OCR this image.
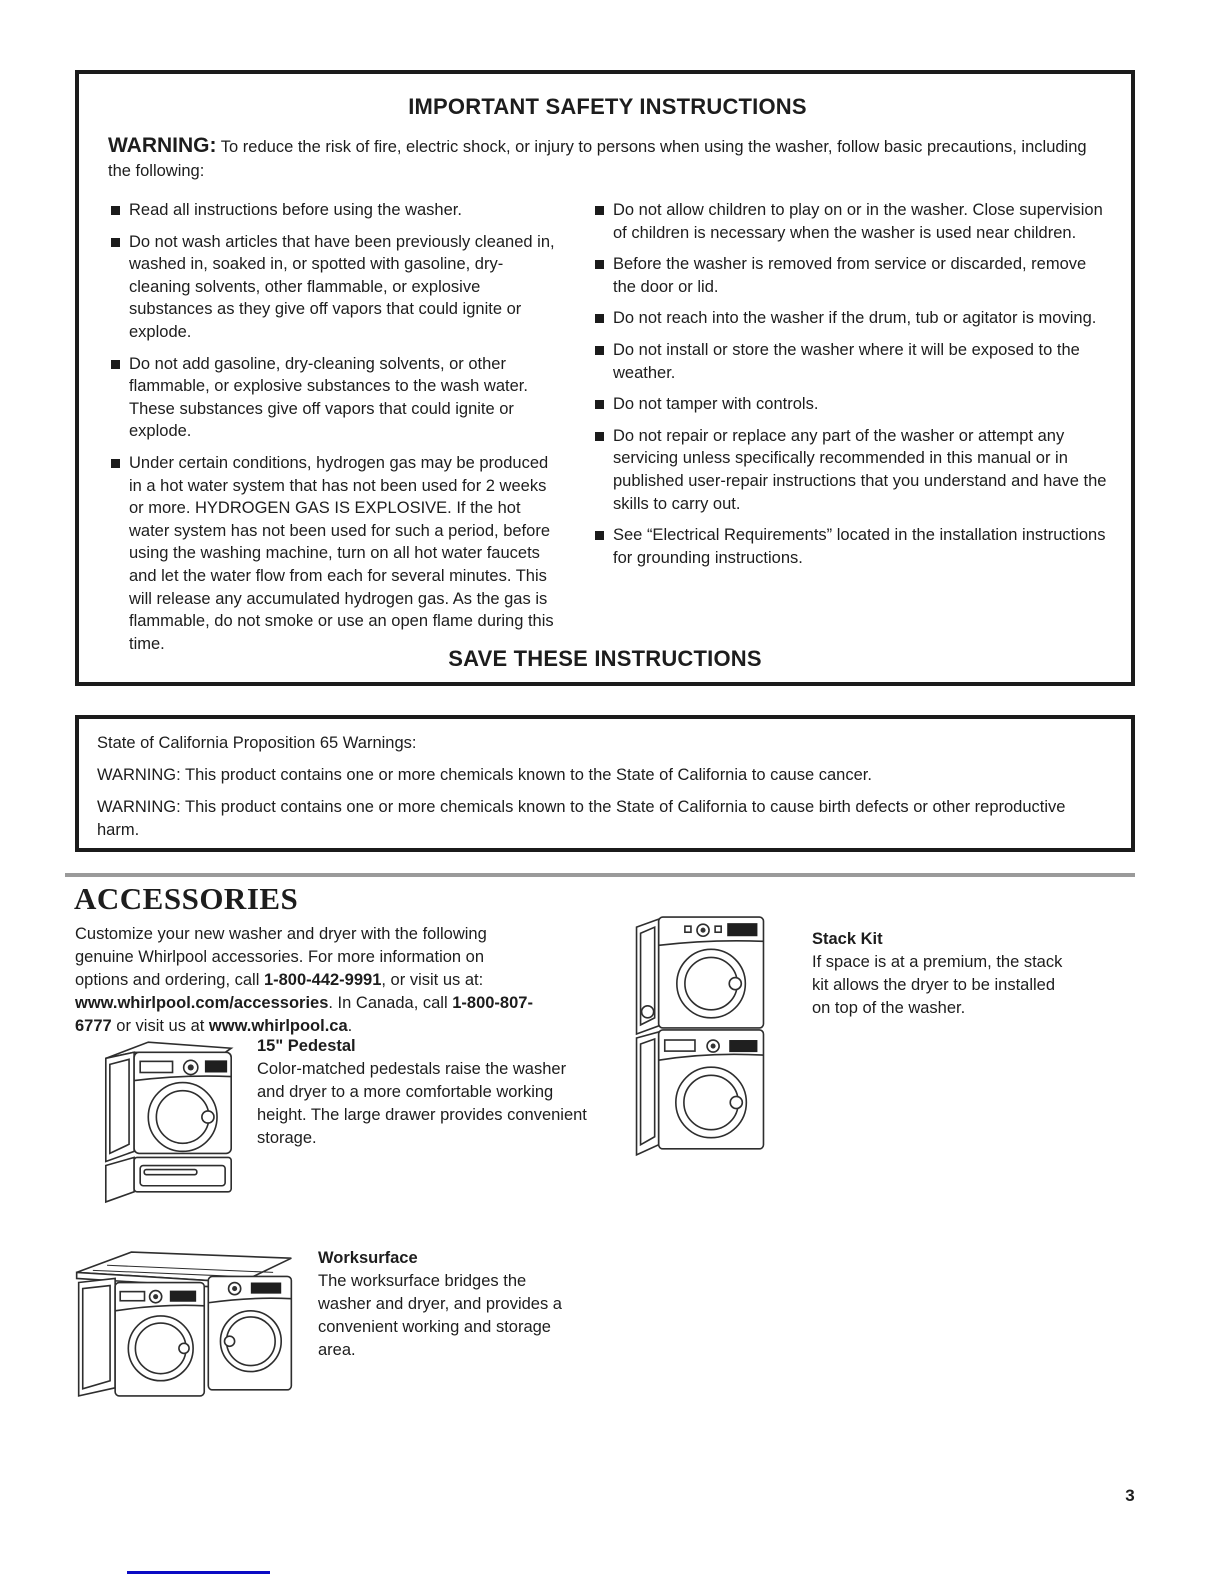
IMPORTANT SAFETY INSTRUCTIONS

WARNING: To reduce the risk of fire, electric shock, or injury to persons when using the washer, follow basic precautions, including the following:

Read all instructions before using the washer.
Do not wash articles that have been previously cleaned in, washed in, soaked in, or spotted with gasoline, dry-cleaning solvents, other flammable, or explosive substances as they give off vapors that could ignite or explode.
Do not add gasoline, dry-cleaning solvents, or other flammable, or explosive substances to the wash water. These substances give off vapors that could ignite or explode.
Under certain conditions, hydrogen gas may be produced in a hot water system that has not been used for 2 weeks or more. HYDROGEN GAS IS EXPLOSIVE. If the hot water system has not been used for such a period, before using the washing machine, turn on all hot water faucets and let the water flow from each for several minutes. This will release any accumulated hydrogen gas. As the gas is flammable, do not smoke or use an open flame during this time.
Do not allow children to play on or in the washer. Close supervision of children is necessary when the washer is used near children.
Before the washer is removed from service or discarded, remove the door or lid.
Do not reach into the washer if the drum, tub or agitator is moving.
Do not install or store the washer where it will be exposed to the weather.
Do not tamper with controls.
Do not repair or replace any part of the washer or attempt any servicing unless specifically recommended in this manual or in published user-repair instructions that you understand and have the skills to carry out.
See “Electrical Requirements” located in the installation instructions for grounding instructions.
SAVE THESE INSTRUCTIONS

State of California Proposition 65 Warnings:

WARNING: This product contains one or more chemicals known to the State of California to cause cancer.

WARNING: This product contains one or more chemicals known to the State of California to cause birth defects or other reproductive harm.

ACCESSORIES

Customize your new washer and dryer with the following genuine Whirlpool accessories. For more information on options and ordering, call 1-800-442-9991, or visit us at: www.whirlpool.com/accessories. In Canada, call 1-800-807-6777 or visit us at www.whirlpool.ca.

Stack Kit

If space is at a premium, the stack kit allows the dryer to be installed on top of the washer.

15" Pedestal

Color-matched pedestals raise the washer and dryer to a more comfortable working height. The large drawer provides convenient storage.

Worksurface

The worksurface bridges the washer and dryer, and provides a convenient working and storage area.

3
